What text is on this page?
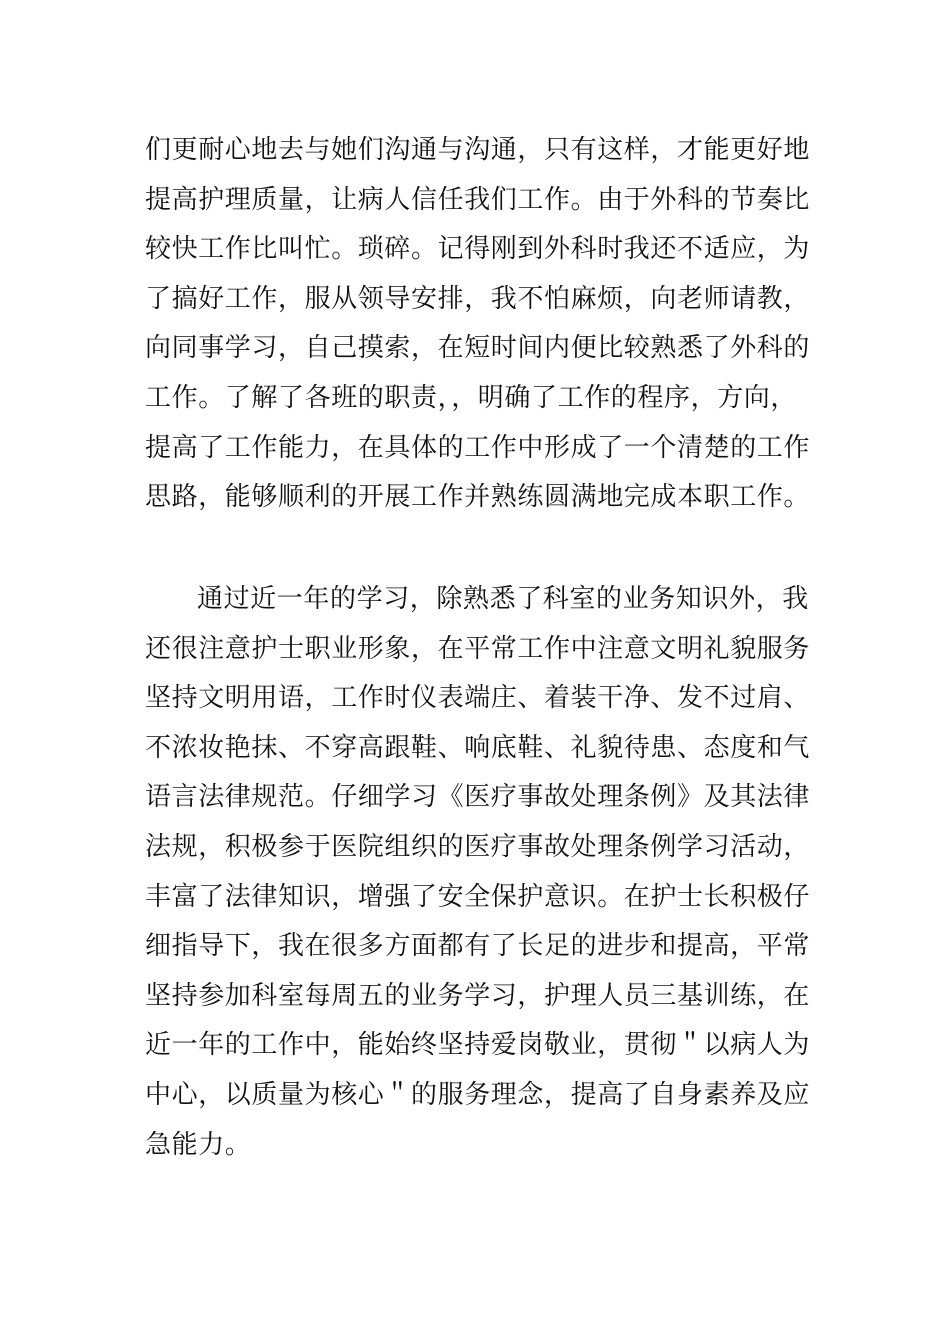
们更耐心地去与她们沟通与沟通，只有这样，才能更好地
提高护理质量，让病人信任我们工作。由于外科的节奏比
较快工作比叫忙。琐碎。记得刚到外科时我还不适应，为
了搞好工作，服从领导安排，我不怕麻烦，向老师请教，
向同事学习，自己摸索，在短时间内便比较熟悉了外科的
工作。了解了各班的职责，，明确了工作的程序，方向，
提高了工作能力，在具体的工作中形成了一个清楚的工作
思路，能够顺利的开展工作并熟练圆满地完成本职工作。
通过近一年的学习，除熟悉了科室的业务知识外，我
还很注意护士职业形象，在平常工作中注意文明礼貌服务
坚持文明用语，工作时仪表端庄、着装干净、发不过肩、
不浓妆艳抹、不穿高跟鞋、响底鞋、礼貌待患、态度和气
语言法律规范。仔细学习《医疗事故处理条例》及其法律
法规，积极参于医院组织的医疗事故处理条例学习活动，
丰富了法律知识，增强了安全保护意识。在护士长积极仔
细指导下，我在很多方面都有了长足的进步和提高，平常
坚持参加科室每周五的业务学习，护理人员三基训练，在
近一年的工作中，能始终坚持爱岗敬业，贯彻＂以病人为
中心，以质量为核心＂的服务理念，提高了自身素养及应
急能力。
